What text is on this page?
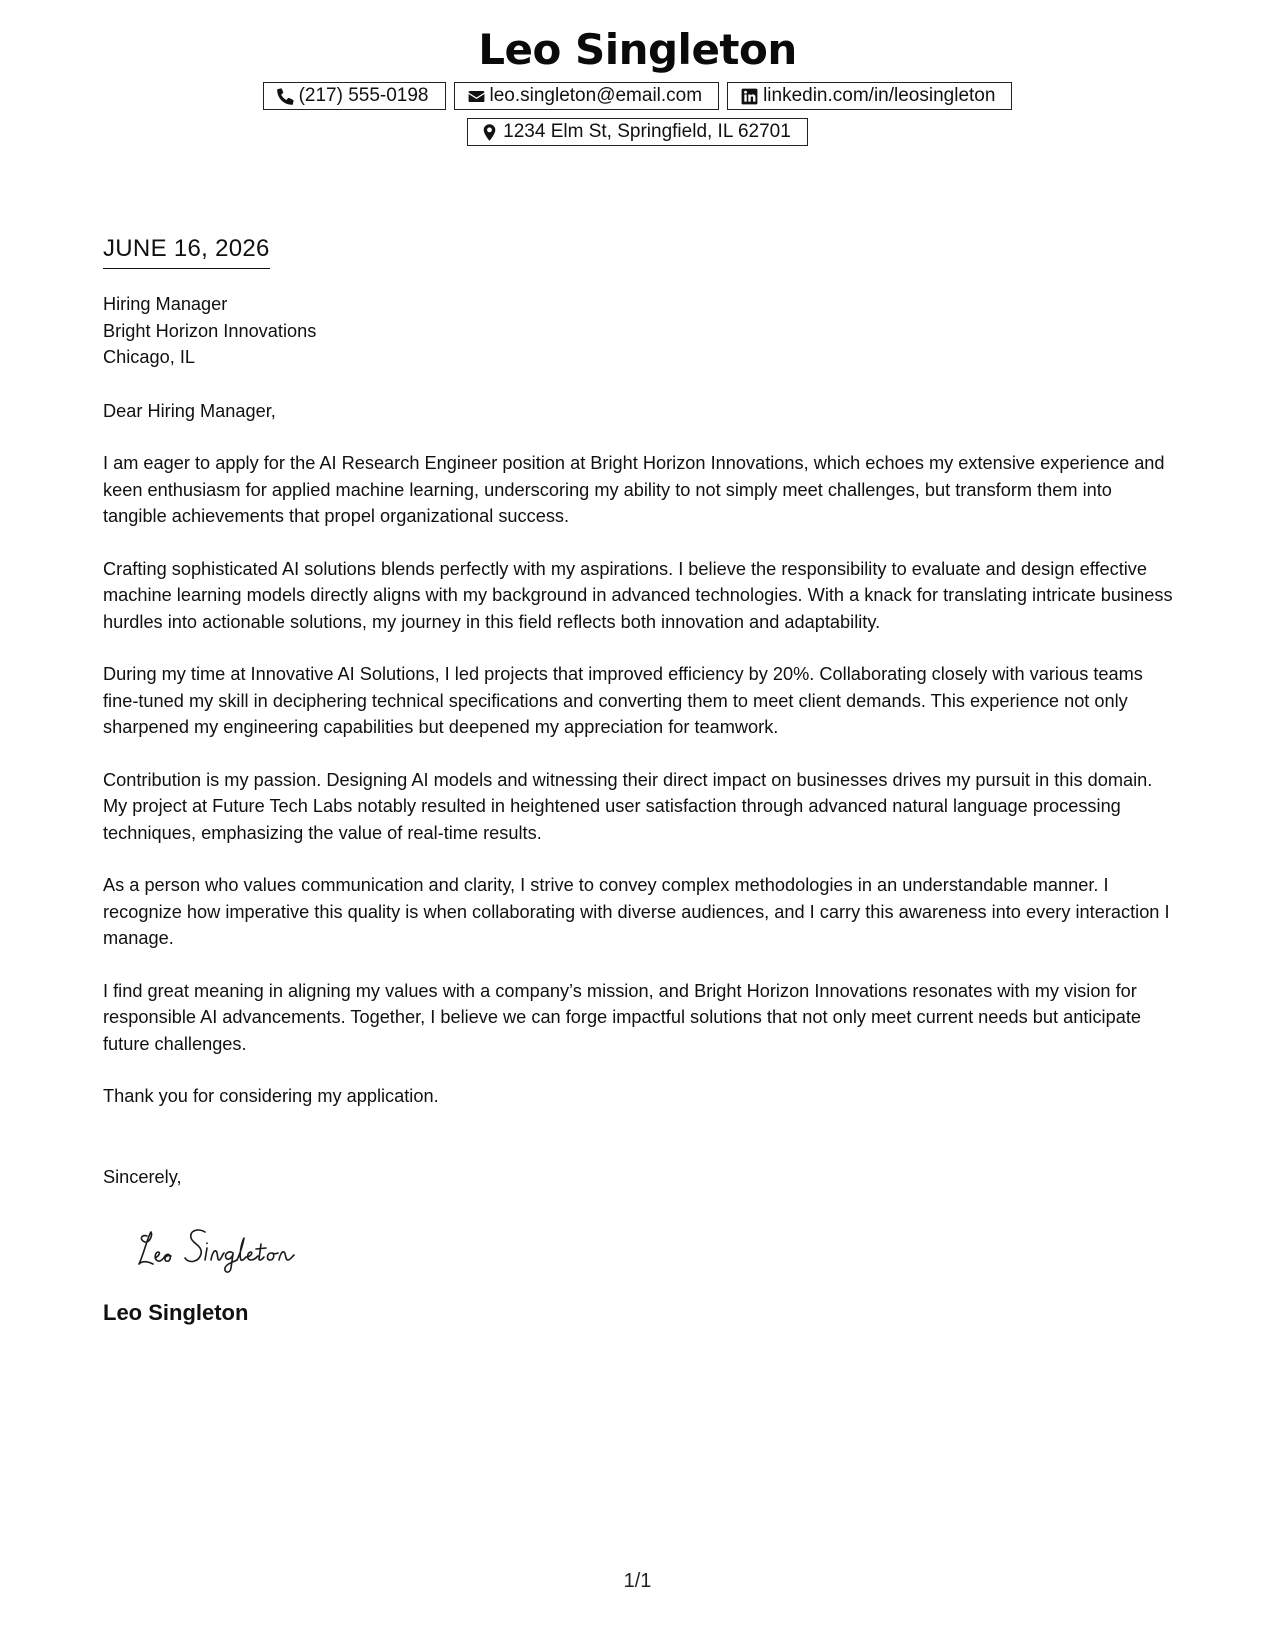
Leo Singleton
(217) 555-0198	leo.singleton@email.com	linkedin.com/in/leosingleton
1234 Elm St, Springfield, IL 62701
JUNE 16, 2026
Hiring Manager
Bright Horizon Innovations
Chicago, IL
Dear Hiring Manager,
I am eager to apply for the AI Research Engineer position at Bright Horizon Innovations, which echoes my extensive experience and keen enthusiasm for applied machine learning, underscoring my ability to not simply meet challenges, but transform them into tangible achievements that propel organizational success.
Crafting sophisticated AI solutions blends perfectly with my aspirations. I believe the responsibility to evaluate and design effective machine learning models directly aligns with my background in advanced technologies. With a knack for translating intricate business hurdles into actionable solutions, my journey in this field reflects both innovation and adaptability.
During my time at Innovative AI Solutions, I led projects that improved efficiency by 20%. Collaborating closely with various teams fine-tuned my skill in deciphering technical specifications and converting them to meet client demands. This experience not only sharpened my engineering capabilities but deepened my appreciation for teamwork.
Contribution is my passion. Designing AI models and witnessing their direct impact on businesses drives my pursuit in this domain. My project at Future Tech Labs notably resulted in heightened user satisfaction through advanced natural language processing techniques, emphasizing the value of real-time results.
As a person who values communication and clarity, I strive to convey complex methodologies in an understandable manner. I recognize how imperative this quality is when collaborating with diverse audiences, and I carry this awareness into every interaction I manage.
I find great meaning in aligning my values with a company’s mission, and Bright Horizon Innovations resonates with my vision for responsible AI advancements. Together, I believe we can forge impactful solutions that not only meet current needs but anticipate future challenges.
Thank you for considering my application.
Sincerely,
Leo Singleton
1/1
